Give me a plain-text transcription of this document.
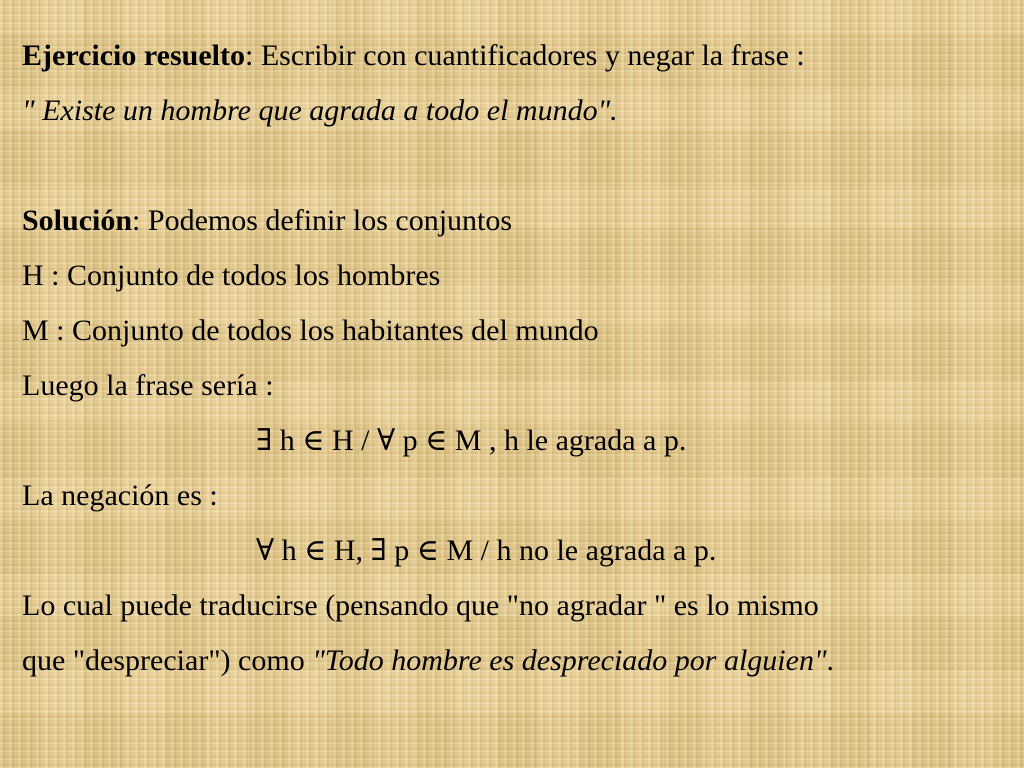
Ejercicio resuelto: Escribir con cuantificadores y negar la frase :
" Existe un hombre que agrada a todo el mundo".
Solución: Podemos definir los conjuntos
H : Conjunto de todos los hombres
M : Conjunto de todos los habitantes del mundo
Luego la frase sería :
∃ h ∈ H / ∀ p ∈ M , h le agrada a p.
La negación es :
∀ h ∈ H, ∃ p ∈ M / h no le agrada a p.
Lo cual puede traducirse (pensando que "no agradar " es lo mismo
que "despreciar") como "Todo hombre es despreciado por alguien".
